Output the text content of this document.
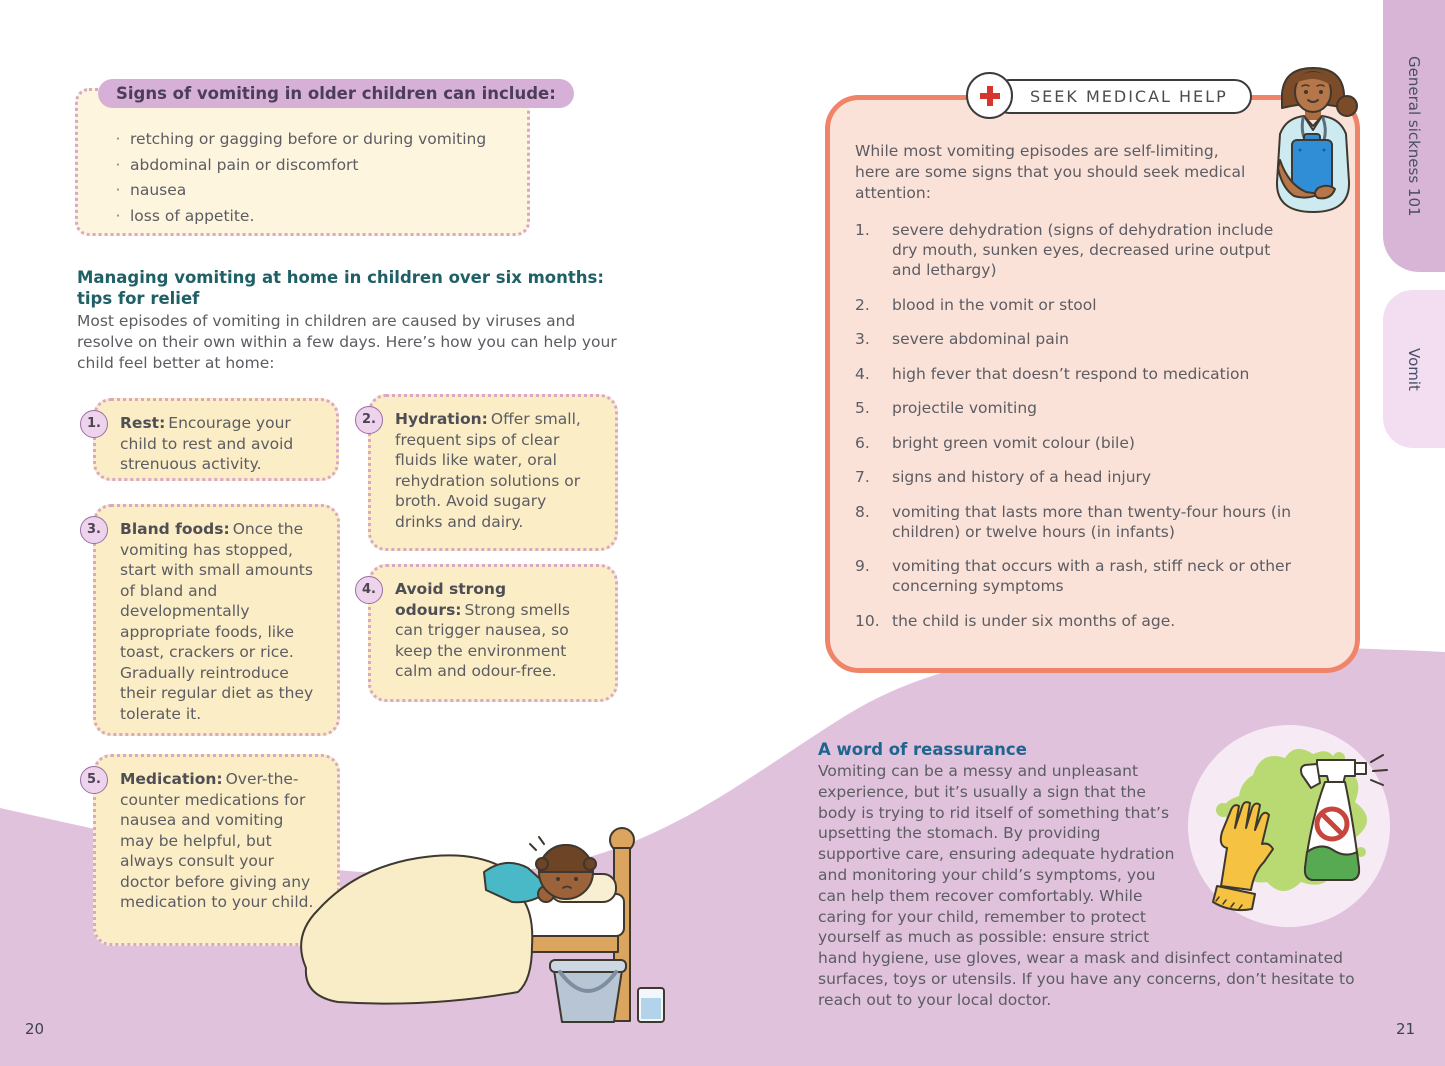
Signs of vomiting in older children can include:
· retching or gagging before or during vomiting
· abdominal pain or discomfort
· nausea
· loss of appetite.
Managing vomiting at home in children over six months:
tips for relief
Most episodes of vomiting in children are caused by viruses and resolve on their own within a few days. Here’s how you can help your child feel better at home:
1.	Rest: Encourage your child to rest and avoid strenuous activity.
2.	Hydration: Offer small, frequent sips of clear fluids like water, oral rehydration solutions or broth. Avoid sugary drinks and dairy.
3.	Bland foods: Once the vomiting has stopped, start with small amounts of bland and developmentally appropriate foods, like toast, crackers or rice. Gradually reintroduce their regular diet as they tolerate it.
4.	Avoid strong odours: Strong smells can trigger nausea, so keep the environment calm and odour-free.
5.	Medication: Over-the-counter medications for nausea and vomiting may be helpful, but always consult your doctor before giving any medication to your child.
20
SEEK MEDICAL HELP
While most vomiting episodes are self-limiting, here are some signs that you should seek medical attention:
1.	severe dehydration (signs of dehydration include dry mouth, sunken eyes, decreased urine output and lethargy)
2.	blood in the vomit or stool
3.	severe abdominal pain
4.	high fever that doesn’t respond to medication
5.	projectile vomiting
6.	bright green vomit colour (bile)
7.	signs and history of a head injury
8.	vomiting that lasts more than twenty-four hours (in children) or twelve hours (in infants)
9.	vomiting that occurs with a rash, stiff neck or other concerning symptoms
10. the child is under six months of age.
A word of reassurance
Vomiting can be a messy and unpleasant experience, but it’s usually a sign that the body is trying to rid itself of something that’s upsetting the stomach. By providing supportive care, ensuring adequate hydration and monitoring your child’s symptoms, you can help them recover comfortably. While caring for your child, remember to protect yourself as much as possible: ensure strict hand hygiene, use gloves, wear a mask and disinfect contaminated surfaces, toys or utensils. If you have any concerns, don’t hesitate to reach out to your local doctor.
21
General sickness 101
Vomit
